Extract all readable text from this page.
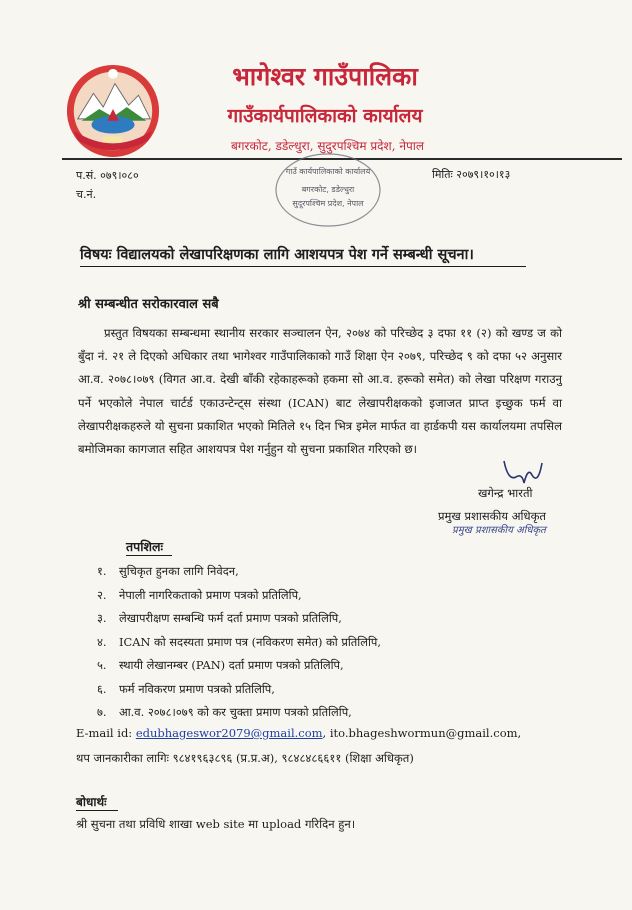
भागेश्वर गाउँपालिका
गाउँकार्यपालिकाको कार्यालय
बगरकोट, डडेल्धुरा, सुदुरपश्चिम प्रदेश, नेपाल
प.सं. ०७९।०८०
च.नं.
मितिः २०७९।१०।१३
गाउँ कार्यपालिकाको कार्यालय
बगरकोट, डडेल्धुरा
सुदूरपश्चिम प्रदेश, नेपाल
विषयः विद्यालयको लेखापरिक्षणका लागि आशयपत्र पेश गर्ने सम्बन्धी सूचना।
श्री सम्बन्धीत सरोकारवाल सबै
प्रस्तुत विषयका सम्बन्धमा स्थानीय सरकार सञ्चालन ऐन, २०७४ को परिच्छेद ३ दफा ११ (२) को खण्ड ज को बुँदा नं. २१ ले दिएको अधिकार तथा भागेश्वर गाउँपालिकाको गाउँ शिक्षा ऐन २०७९, परिच्छेद ९ को दफा ५२ अनुसार आ.व. २०७८।०७९ (विगत आ.व. देखी बाँकी रहेकाहरूको हकमा सो आ.व. हरूको समेत) को लेखा परिक्षण गराउनु पर्ने भएकोले नेपाल चार्टर्ड एकाउन्टेन्ट्स संस्था (ICAN) बाट लेखापरीक्षकको इजाजत प्राप्त इच्छुक फर्म वा लेखापरीक्षकहरुले यो सुचना प्रकाशित भएको मितिले १५ दिन भित्र इमेल मार्फत वा हार्डकपी यस कार्यालयमा तपसिल बमोजिमका कागजात सहित आशयपत्र पेश गर्नुहुन यो सुचना प्रकाशित गरिएको छ।
खगेन्द्र भारती
प्रमुख प्रशासकीय अधिकृत
प्रमुख प्रशासकीय अधिकृत
तपशिलः
१. सुचिकृत हुनका लागि निवेदन,
२. नेपाली नागरिकताको प्रमाण पत्रको प्रतिलिपि,
३. लेखापरीक्षण सम्बन्धि फर्म दर्ता प्रमाण पत्रको प्रतिलिपि,
४. ICAN को सदस्यता प्रमाण पत्र (नविकरण समेत) को प्रतिलिपि,
५. स्थायी लेखानम्बर (PAN) दर्ता प्रमाण पत्रको प्रतिलिपि,
६. फर्म नविकरण प्रमाण पत्रको प्रतिलिपि,
७. आ.व. २०७८।०७९ को कर चुक्ता प्रमाण पत्रको प्रतिलिपि,
E-mail id: edubhageswor2079@gmail.com, ito.bhageshwormun@gmail.com,
थप जानकारीका लागिः ९८४१९६३८९६ (प्र.प्र.अ), ९८४८४८६६११ (शिक्षा अधिकृत)
बोधार्थः
श्री सुचना तथा प्रविधि शाखा web site मा upload गरिदिन हुन।
